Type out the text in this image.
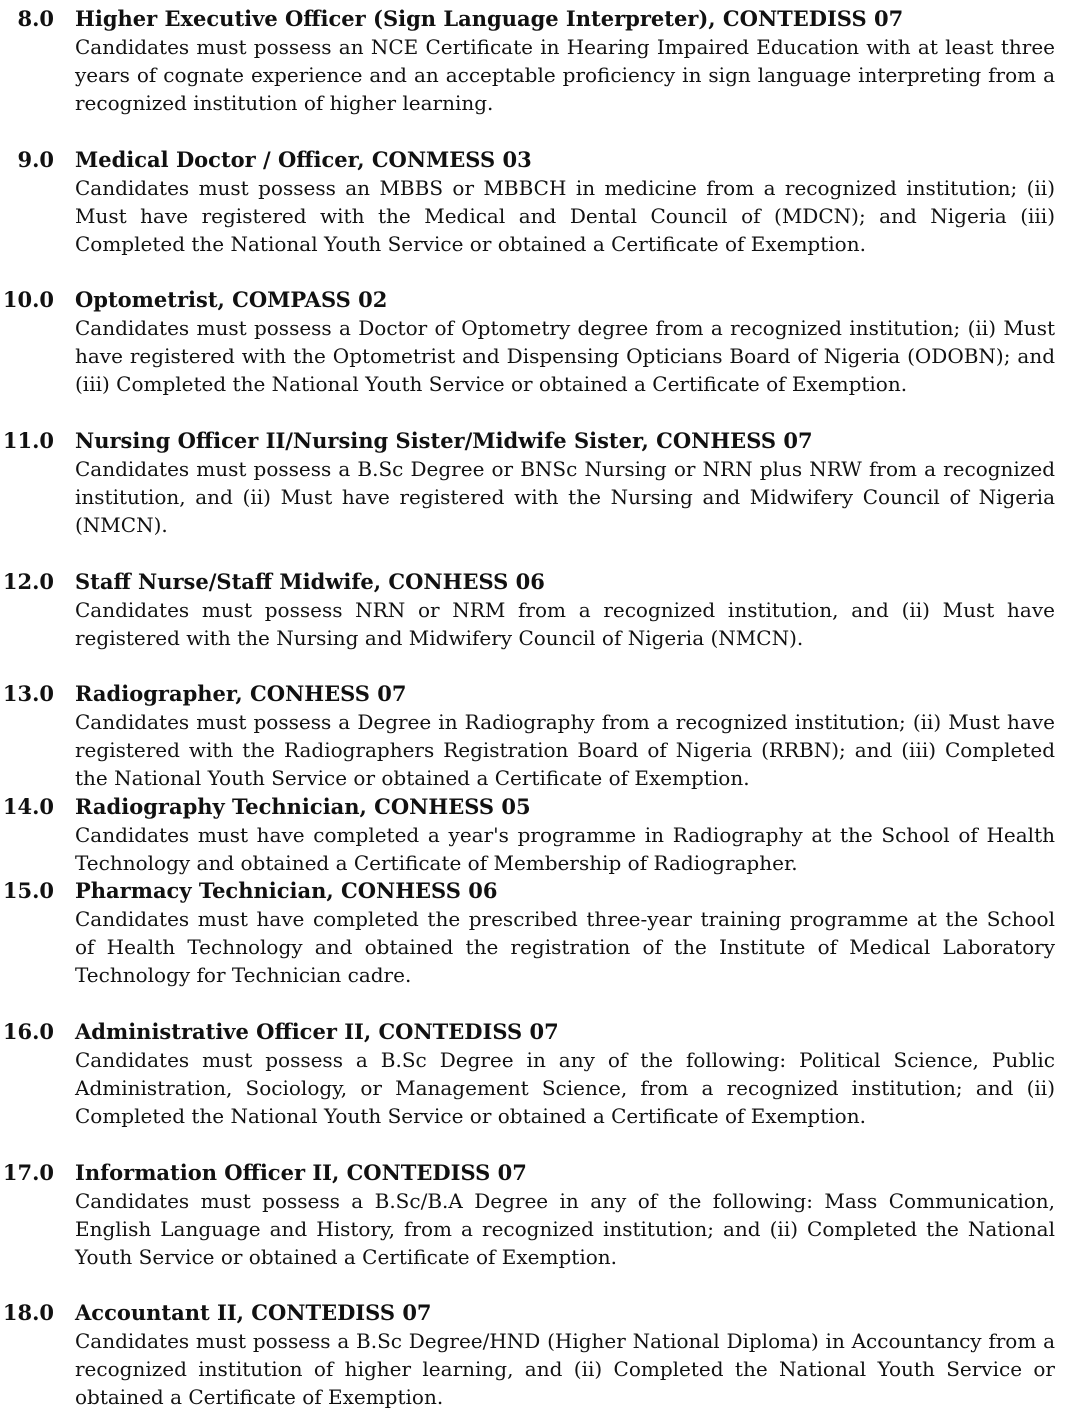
8.0 Higher Executive Officer (Sign Language Interpreter), CONTEDISS 07
Candidates must possess an NCE Certificate in Hearing Impaired Education with at least three years of cognate experience and an acceptable proficiency in sign language interpreting from a recognized institution of higher learning.
9.0 Medical Doctor / Officer, CONMESS 03
Candidates must possess an MBBS or MBBCH in medicine from a recognized institution; (ii) Must have registered with the Medical and Dental Council of (MDCN); and Nigeria (iii) Completed the National Youth Service or obtained a Certificate of Exemption.
10.0 Optometrist, COMPASS 02
Candidates must possess a Doctor of Optometry degree from a recognized institution; (ii) Must have registered with the Optometrist and Dispensing Opticians Board of Nigeria (ODOBN); and (iii) Completed the National Youth Service or obtained a Certificate of Exemption.
11.0 Nursing Officer II/Nursing Sister/Midwife Sister, CONHESS 07
Candidates must possess a B.Sc Degree or BNSc Nursing or NRN plus NRW from a recognized institution, and (ii) Must have registered with the Nursing and Midwifery Council of Nigeria (NMCN).
12.0 Staff Nurse/Staff Midwife, CONHESS 06
Candidates must possess NRN or NRM from a recognized institution, and (ii) Must have registered with the Nursing and Midwifery Council of Nigeria (NMCN).
13.0 Radiographer, CONHESS 07
Candidates must possess a Degree in Radiography from a recognized institution; (ii) Must have registered with the Radiographers Registration Board of Nigeria (RRBN); and (iii) Completed the National Youth Service or obtained a Certificate of Exemption.
14.0 Radiography Technician, CONHESS 05
Candidates must have completed a year's programme in Radiography at the School of Health Technology and obtained a Certificate of Membership of Radiographer.
15.0 Pharmacy Technician, CONHESS 06
Candidates must have completed the prescribed three-year training programme at the School of Health Technology and obtained the registration of the Institute of Medical Laboratory Technology for Technician cadre.
16.0 Administrative Officer II, CONTEDISS 07
Candidates must possess a B.Sc Degree in any of the following: Political Science, Public Administration, Sociology, or Management Science, from a recognized institution; and (ii) Completed the National Youth Service or obtained a Certificate of Exemption.
17.0 Information Officer II, CONTEDISS 07
Candidates must possess a B.Sc/B.A Degree in any of the following: Mass Communication, English Language and History, from a recognized institution; and (ii) Completed the National Youth Service or obtained a Certificate of Exemption.
18.0 Accountant II, CONTEDISS 07
Candidates must possess a B.Sc Degree/HND (Higher National Diploma) in Accountancy from a recognized institution of higher learning, and (ii) Completed the National Youth Service or obtained a Certificate of Exemption.
